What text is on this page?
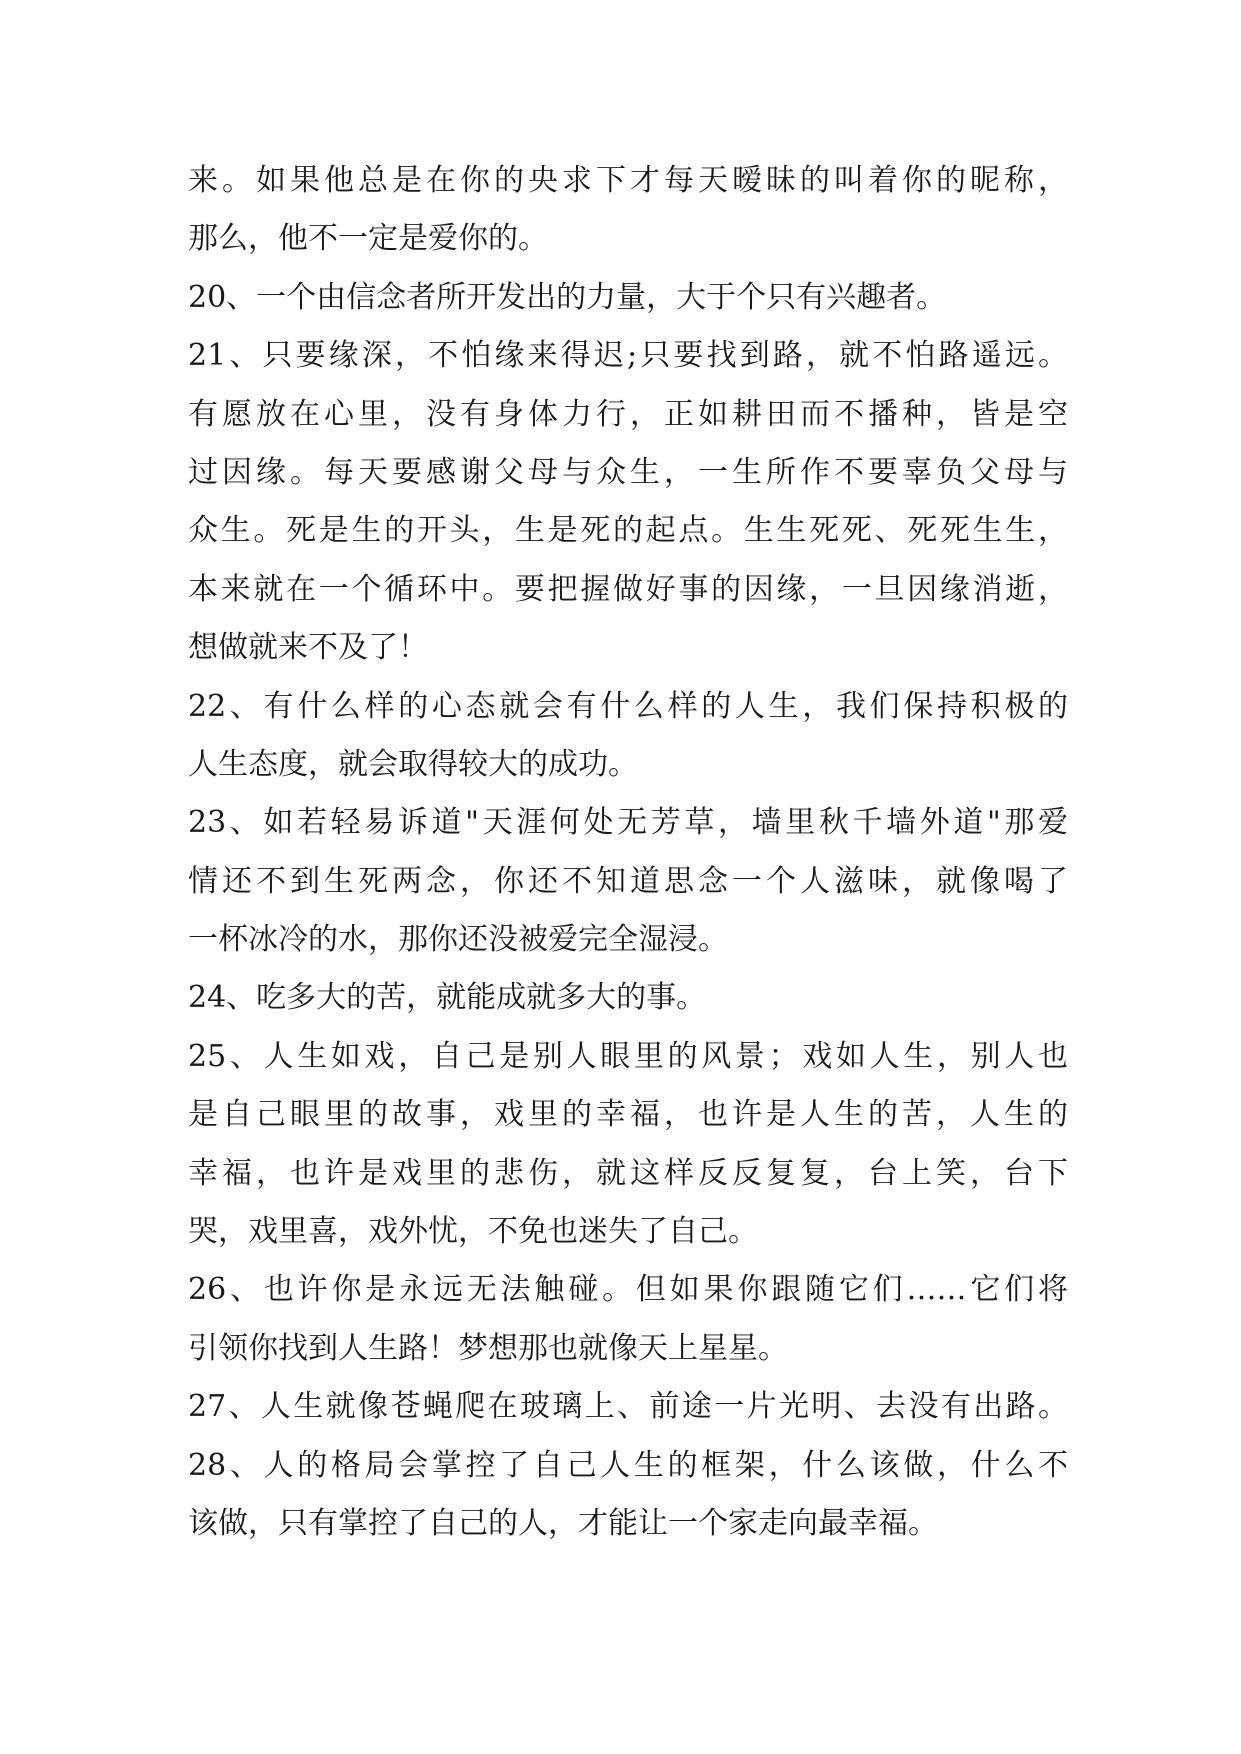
来。如果他总是在你的央求下才每天暧昧的叫着你的昵称，
那么，他不一定是爱你的。
20、一个由信念者所开发出的力量，大于个只有兴趣者。
21、只要缘深，不怕缘来得迟;只要找到路，就不怕路遥远。
有愿放在心里，没有身体力行，正如耕田而不播种，皆是空
过因缘。每天要感谢父母与众生，一生所作不要辜负父母与
众生。死是生的开头，生是死的起点。生生死死、死死生生，
本来就在一个循环中。要把握做好事的因缘，一旦因缘消逝，
想做就来不及了！
22、有什么样的心态就会有什么样的人生，我们保持积极的
人生态度，就会取得较大的成功。
23、如若轻易诉道"天涯何处无芳草，墙里秋千墙外道"那爱
情还不到生死两念，你还不知道思念一个人滋味，就像喝了
一杯冰冷的水，那你还没被爱完全湿浸。
24、吃多大的苦，就能成就多大的事。
25、人生如戏，自己是别人眼里的风景；戏如人生，别人也
是自己眼里的故事，戏里的幸福，也许是人生的苦，人生的
幸福，也许是戏里的悲伤，就这样反反复复，台上笑，台下
哭，戏里喜，戏外忧，不免也迷失了自己。
26、也许你是永远无法触碰。但如果你跟随它们……它们将
引领你找到人生路！梦想那也就像天上星星。
27、人生就像苍蝇爬在玻璃上、前途一片光明、去没有出路。
28、人的格局会掌控了自己人生的框架，什么该做，什么不
该做，只有掌控了自己的人，才能让一个家走向最幸福。
